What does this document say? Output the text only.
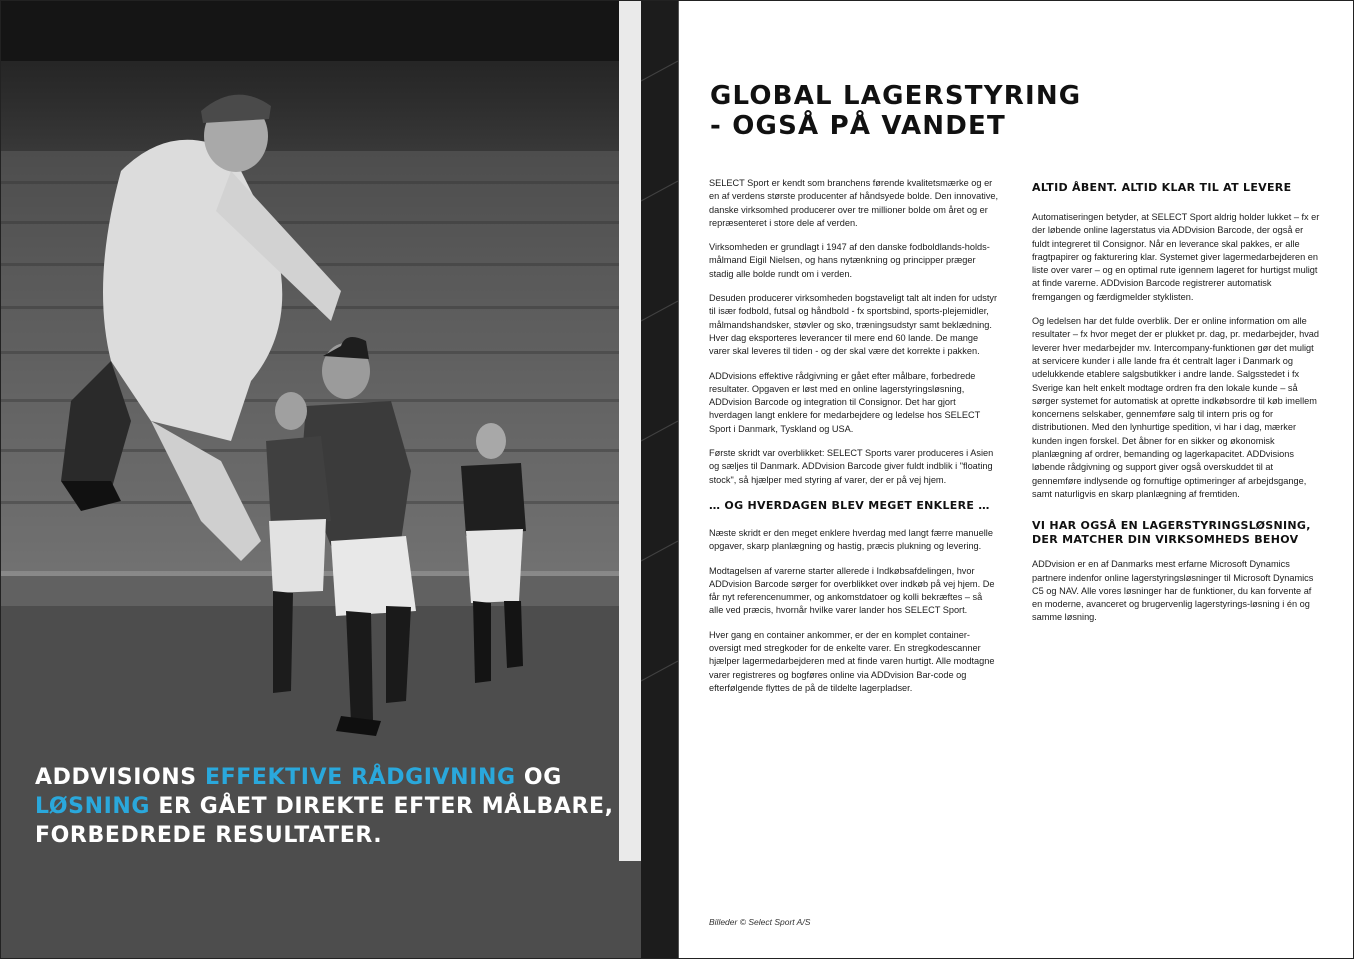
ADDVISIONS EFFEKTIVE RÅDGIVNING OG LØSNING ER GÅET DIREKTE EFTER MÅLBARE, FORBEDREDE RESULTATER.
GLOBAL LAGERSTYRING
- OGSÅ PÅ VANDET

SELECT Sport er kendt som branchens førende kvalitetsmærke og er en af verdens største producenter af håndsyede bolde. Den innovative, danske virksomhed producerer over tre millioner bolde om året og er repræsenteret i store dele af verden.

Virksomheden er grundlagt i 1947 af den danske fodboldlands-holds-målmand Eigil Nielsen, og hans nytænkning og principper præger stadig alle bolde rundt om i verden.

Desuden producerer virksomheden bogstaveligt talt alt inden for udstyr til især fodbold, futsal og håndbold - fx sportsbind, sports-plejemidler, målmandshandsker, støvler og sko, træningsudstyr samt beklædning. Hver dag eksporteres leverancer til mere end 60 lande. De mange varer skal leveres til tiden - og der skal være det korrekte i pakken.

ADDvisions effektive rådgivning er gået efter målbare, forbedrede resultater. Opgaven er løst med en online lagerstyringsløsning, ADDvision Barcode og integration til Consignor. Det har gjort hverdagen langt enklere for medarbejdere og ledelse hos SELECT Sport i Danmark, Tyskland og USA.

Første skridt var overblikket: SELECT Sports varer produceres i Asien og sæljes til Danmark. ADDvision Barcode giver fuldt indblik i "floating stock", så hjælper med styring af varer, der er på vej hjem.

… OG HVERDAGEN BLEV MEGET ENKLERE …

Næste skridt er den meget enklere hverdag med langt færre manuelle opgaver, skarp planlægning og hastig, præcis plukning og levering.

Modtagelsen af varerne starter allerede i Indkøbsafdelingen, hvor ADDvision Barcode sørger for overblikket over indkøb på vej hjem. De får nyt referencenummer, og ankomstdatoer og kolli bekræftes – så alle ved præcis, hvornår hvilke varer lander hos SELECT Sport.

Hver gang en container ankommer, er der en komplet container-oversigt med stregkoder for de enkelte varer. En stregkodescanner hjælper lagermedarbejderen med at finde varen hurtigt. Alle modtagne varer registreres og bogføres online via ADDvision Bar-code og efterfølgende flyttes de på de tildelte lagerpladser.

ALTID ÅBENT. ALTID KLAR TIL AT LEVERE

Automatiseringen betyder, at SELECT Sport aldrig holder lukket – fx er der løbende online lagerstatus via ADDvision Barcode, der også er fuldt integreret til Consignor. Når en leverance skal pakkes, er alle fragtpapirer og fakturering klar. Systemet giver lagermedarbejderen en liste over varer – og en optimal rute igennem lageret for hurtigst muligt at finde varerne. ADDvision Barcode registrerer automatisk fremgangen og færdigmelder styklisten.

Og ledelsen har det fulde overblik. Der er online information om alle resultater – fx hvor meget der er plukket pr. dag, pr. medarbejder, hvad leverer hver medarbejder mv. Intercompany-funktionen gør det muligt at servicere kunder i alle lande fra ét centralt lager i Danmark og udelukkende etablere salgsbutikker i andre lande. Salgsstedet i fx Sverige kan helt enkelt modtage ordren fra den lokale kunde – så sørger systemet for automatisk at oprette indkøbsordre til køb imellem koncernens selskaber, gennemføre salg til intern pris og for distributionen. Med den lynhurtige spedition, vi har i dag, mærker kunden ingen forskel. Det åbner for en sikker og økonomisk planlægning af ordrer, bemanding og lagerkapacitet. ADDvisions løbende rådgivning og support giver også overskuddet til at gennemføre indlysende og fornuftige optimeringer af arbejdsgange, samt naturligvis en skarp planlægning af fremtiden.

VI HAR OGSÅ EN LAGERSTYRINGSLØSNING, DER MATCHER DIN VIRKSOMHEDS BEHOV

ADDvision er en af Danmarks mest erfarne Microsoft Dynamics partnere indenfor online lagerstyringsløsninger til Microsoft Dynamics C5 og NAV. Alle vores løsninger har de funktioner, du kan forvente af en moderne, avanceret og brugervenlig lagerstyrings-løsning i én og samme løsning.

Billeder © Select Sport A/S
